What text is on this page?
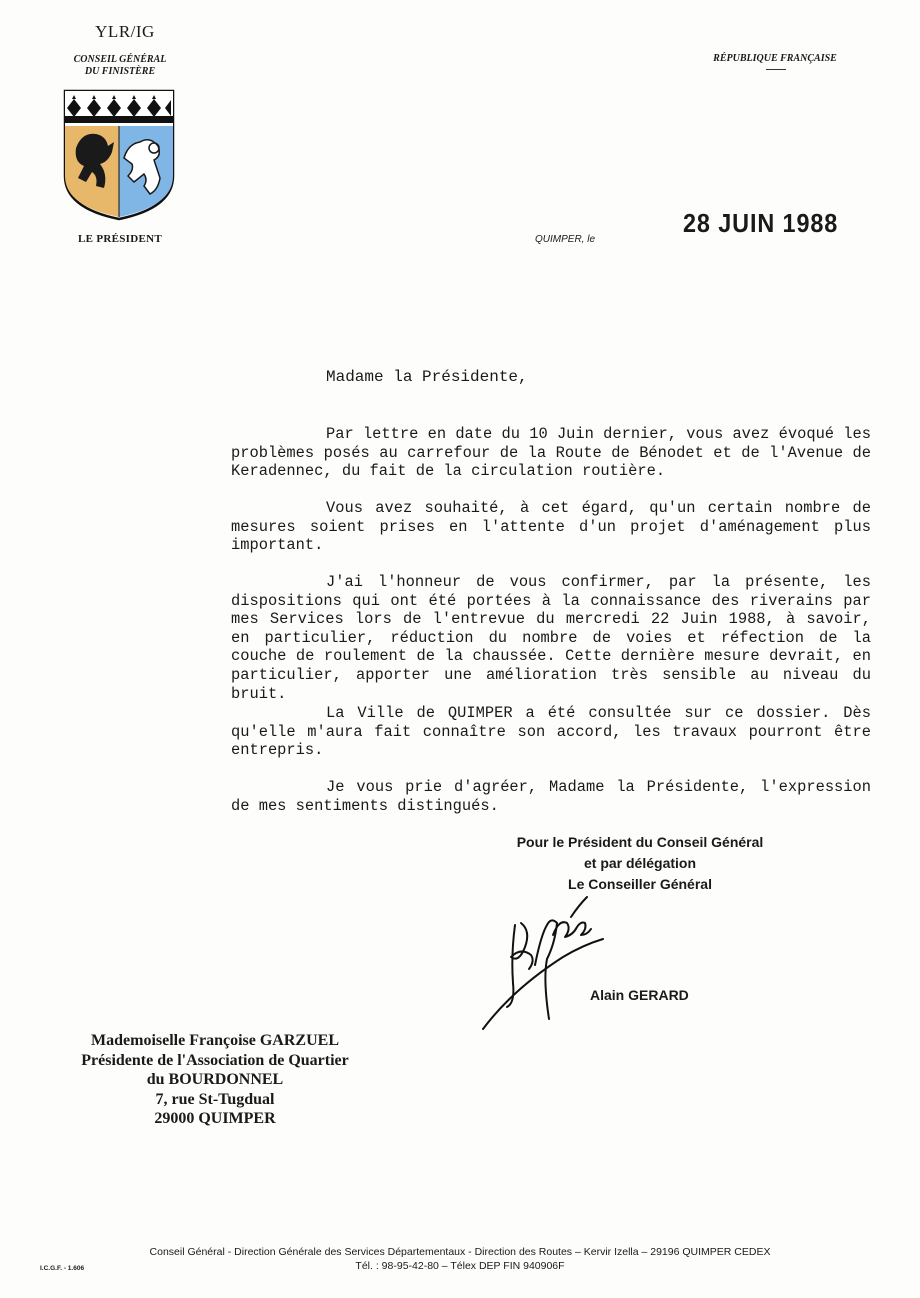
YLR/IG
CONSEIL GÉNÉRAL
DU FINISTÈRE
LE PRÉSIDENT
RÉPUBLIQUE FRANÇAISE
QUIMPER, le
28 JUIN 1988
Madame la Présidente,
Par lettre en date du 10 Juin dernier, vous avez évoqué les problèmes posés au carrefour de la Route de Bénodet et de l'Avenue de Keradennec, du fait de la circulation routière.
Vous avez souhaité, à cet égard, qu'un certain nombre de mesures soient prises en l'attente d'un projet d'aménagement plus important.
J'ai l'honneur de vous confirmer, par la présente, les dispositions qui ont été portées à la connaissance des riverains par mes Services lors de l'entrevue du mercredi 22 Juin 1988, à savoir, en particulier, réduction du nombre de voies et réfection de la couche de roulement de la chaussée. Cette dernière mesure devrait, en particulier, apporter une amélioration très sensible au niveau du bruit.
La Ville de QUIMPER a été consultée sur ce dossier. Dès qu'elle m'aura fait connaître son accord, les travaux pourront être entrepris.
Je vous prie d'agréer, Madame la Présidente, l'expression de mes sentiments distingués.
Pour le Président du Conseil Général
et par délégation
Le Conseiller Général
Alain GERARD
Mademoiselle Françoise GARZUEL
Présidente de l'Association de Quartier
du BOURDONNEL
7, rue St-Tugdual
29000 QUIMPER
Conseil Général - Direction Générale des Services Départementaux - Direction des Routes – Kervir Izella – 29196 QUIMPER CEDEX
Tél. : 98-95-42-80 – Télex DEP FIN 940906F
I.C.G.F. - 1.606
